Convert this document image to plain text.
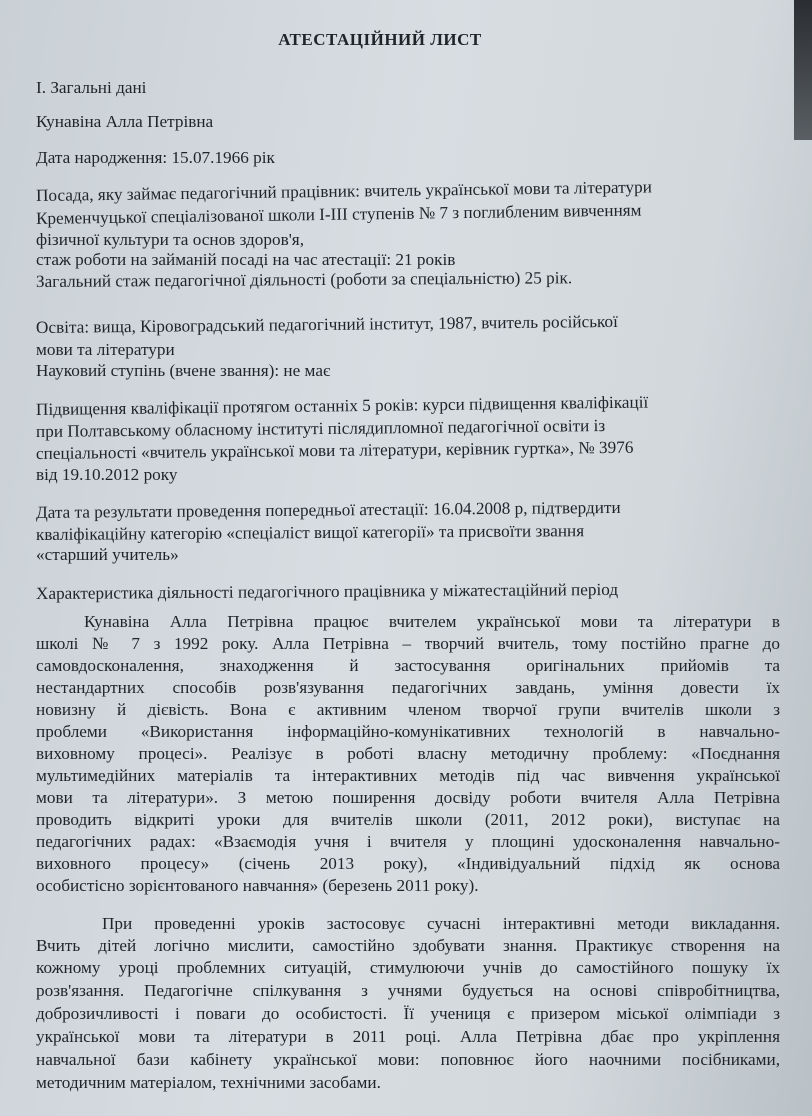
АТЕСТАЦІЙНИЙ ЛИСТ
І. Загальні дані
Кунавіна Алла Петрівна
Дата народження: 15.07.1966 рік
Посада, яку займає педагогічний працівник: вчитель української мови та літератури
Кременчуцької спеціалізованої школи І-ІІІ ступенів № 7 з поглибленим вивченням
фізичної культури та основ здоров'я,
стаж роботи на займаній посаді на час атестації: 21 років
Загальний стаж педагогічної діяльності (роботи за спеціальністю) 25 рік.
Освіта: вища, Кіровоградський педагогічний інститут, 1987, вчитель російської
мови та літератури
Науковий ступінь (вчене звання): не має
Підвищення кваліфікації протягом останніх 5 років: курси підвищення кваліфікації
при Полтавському обласному інституті післядипломної педагогічної освіти із
спеціальності «вчитель української мови та літератури, керівник гуртка», № 3976
від 19.10.2012 року
Дата та результати проведення попередньої атестації: 16.04.2008 р, підтвердити
кваліфікаційну категорію «спеціаліст вищої категорії» та присвоїти звання
«старший учитель»
Характеристика діяльності педагогічного працівника у міжатестаційний період
Кунавіна Алла Петрівна працює вчителем української мови та літератури в
школі № 7 з 1992 року. Алла Петрівна – творчий вчитель, тому постійно прагне до
самовдосконалення, знаходження й застосування оригінальних прийомів та
нестандартних способів розв'язування педагогічних завдань, уміння довести їх
новизну й дієвість. Вона є активним членом творчої групи вчителів школи з
проблеми «Використання інформаційно-комунікативних технологій в навчально-
виховному процесі». Реалізує в роботі власну методичну проблему: «Поєднання
мультимедійних матеріалів та інтерактивних методів під час вивчення української
мови та літератури». З метою поширення досвіду роботи вчителя Алла Петрівна
проводить відкриті уроки для вчителів школи (2011, 2012 роки), виступає на
педагогічних радах: «Взаємодія учня і вчителя у площині удосконалення навчально-
виховного процесу» (січень 2013 року), «Індивідуальний підхід як основа
особистісно зорієнтованого навчання» (березень 2011 року).
При проведенні уроків застосовує сучасні інтерактивні методи викладання.
Вчить дітей логічно мислити, самостійно здобувати знання. Практикує створення на
кожному уроці проблемних ситуацій, стимулюючи учнів до самостійного пошуку їх
розв'язання. Педагогічне спілкування з учнями будується на основі співробітництва,
доброзичливості і поваги до особистості. Її учениця є призером міської олімпіади з
української мови та літератури в 2011 році. Алла Петрівна дбає про укріплення
навчальної бази кабінету української мови: поповнює його наочними посібниками,
методичним матеріалом, технічними засобами.
